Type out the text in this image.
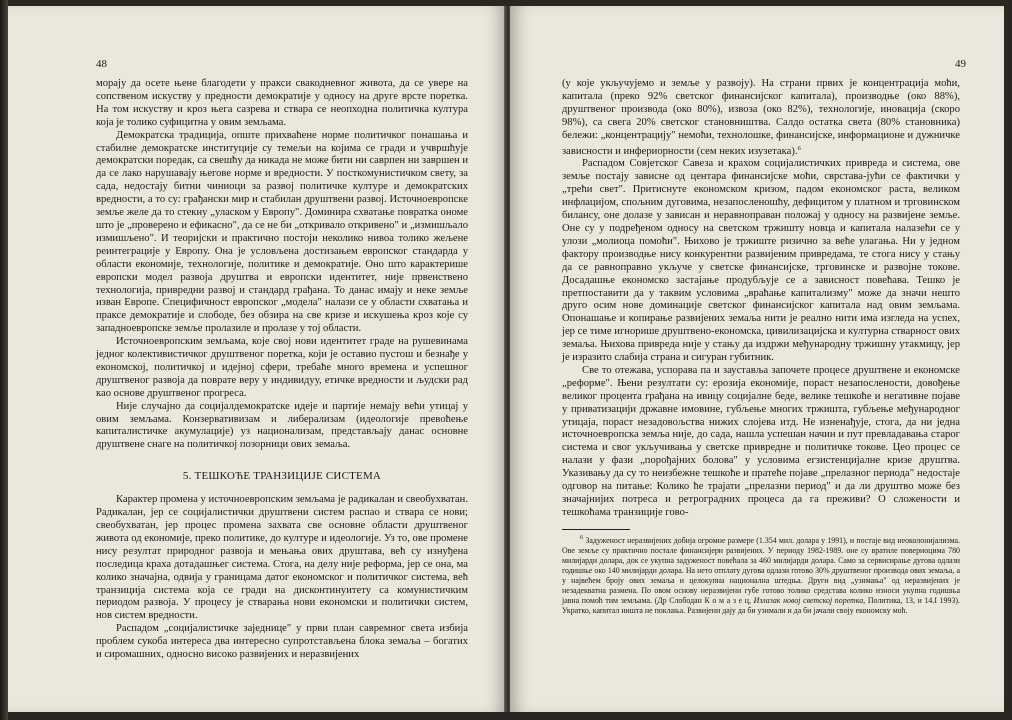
48

морају да осете њене благодети у пракси свакодневног живота, да се увере на сопственом искуству у предности демократије у односу на друге врсте поретка. На том искуству и кроз њега сазрева и ствара се неопходна политичка култура која је толико суфицитна у овим земљама.

Демократска традиција, опште прихваћене норме политичког понашања и стабилне демократске институције су темељи на којима се гради и учвршћује демократски поредак, са свешћу да никада не може бити ни саврпен ни завршен и да се лако нарушавају његове норме и вредности. У посткомунистичком свету, за сада, недостају битни чиниоци за развој политичке културе и демократских вредности, а то су: грађански мир и стабилан друштвени развој. Источноевропске земље желе да то стекну „уласком у Европу". Доминира схватање повратка ономе што је „проверено и ефикасно", да се не би „откривало откривено" и „измишљало измишљено". И теоријски и практично постоји неколико нивоа толико жељене реинтеграције у Европу. Она је условљена достизањем европског стандарда у области економије, технологије, политике и демократије. Оно што карактерише европски модел развоја друштва и европски идентитет, није првенствено технологија, привредни развој и стандард грађана. То данас имају и неке земље изван Европе. Специфичност европског „модела" налази се у области схватања и праксе демократије и слободе, без обзира на све кризе и искушења кроз које су западноевропске земље пролазиле и пролазе у тој области.

Источноевропским земљама, које свој нови идентитет граде на рушевинама једног колективистичког друштвеног поретка, који је оставио пустош и безнађе у економској, политичкој и идејној сфери, требаће много времена и успешног друштвеног развоја да поврате веру у индивидуу, етичке вредности и људски рад као основе друштвеног прогреса.

Није случајно да социјалдемократске идеје и партије немају већи утицај у овим земљама. Конзервативизам и либерализам (идеологије превоћење капиталистичке акумулације) уз национализам, представљају данас основне друштвене снаге на политичкој позорници ових земаља.

5. ТЕШКОЋЕ ТРАНЗИЦИЈЕ СИСТЕМА

Карактер промена у источноевропским земљама је радикалан и свеобухватан. Радикалан, јер се социјалистички друштвени систем распао и ствара се нови; свеобухватан, јер процес промена захвата све основне области друштвеног живота од економије, преко политике, до културе и идеологије. Уз то, ове промене нису резултат природног развоја и мењања ових друштава, већ су изнуђена последица краха дотадашњег система. Стога, на делу није реформа, јер се она, ма колико значајна, одвија у границама датог економског и политичког система, већ транзиција система која се гради на дисконтинуитету са комунистичким периодом развоја. У процесу је стварања нови економски и политички систем, нов систем вредности.

Распадом „социјалистичке заједнице" у први план савремног света избија проблем сукоба интереса два интересно супротстављена блока земаља – богатих и сиромашних, односно високо развијених и неразвијених

49

(у које укључујемо и земље у развоју). На страни првих је концентрација моћи, капитала (преко 92% светског финансијског капитала), производње (око 88%), друштвеног производа (око 80%), извоза (око 82%), технологије, иновација (скоро 98%), са свега 20% светског становништва. Салдо остатка света (80% становника) бележи: „концентрацију" немоћи, технолошке, финансијске, информационе и дужничке зависности и инфериорности (сем неких изузетака).$^6$

Распадом Совјетског Савеза и крахом социјалистичких привреда и система, ове земље постају зависне од центара финансијске моћи, сврстава-јући се фактички у „трећи свет". Притиснуте економском кризом, падом економског раста, великом инфлацијом, спољним дуговима, незапосленошћу, дефицитом у платном и трговинском билансу, оне долазе у зависан и неравноправан положај у односу на развијене земље. Оне су у подређеном односу на светском тржишту новца и капитала налазећи се у улози „молиоца помоћи". Њихово је тржиште ризично за веће улагања. Ни у једном фактору производње нису конкурентни развијеним привредама, те стога нису у стању да се равноправно укључе у светске финансијске, трговинске и развојне токове. Досадашње економско застајање продубљује се а зависност повећава. Тешко је претпоставити да у таквим условима „враћање капитализму" може да значи нешто друго осим нове доминације светског финансијског капитала над овим земљама. Опонашање и копирање развијених земаља нити је реално нити има изгледа на успех, јер се тиме игнорише друштвено-економска, цивилизацијска и културна стварност ових земаља. Њихова привреда није у стању да издржи међународну тржишну утакмицу, јер је изразито слабија страна и сигуран губитник.

Све то отежава, успорава па и зауставља започете процесе друштвене и економске „реформе". Њени резултати су: ерозија економије, пораст незапослености, довођење великог процента грађана на ивицу социјалне беде, велике тешкоће и негативне појаве у приватизацији државне имовине, губљење многих тржишта, губљење међународног утицаја, пораст незадовољства нижих слојева итд. Не изненађује, стога, да ни једна источноевропска земља није, до сада, нашла успешан начин и пут превладавања старог система и свог укључивања у светске привредне и политичке токове. Цео процес се налази у фази „порођајних болова" у условима егзистенцијалне кризе друштва. Указивању да су то неизбежне тешкоће и пратеће појаве „прелазног периода" недостаје одговор на питање: Колико ће трајати „прелазни период" и да ли друштво може без значајнијих потреса и ретроградних процеса да га преживи? О сложености и тешкоћама транзиције гово-

$^6$ Задуженост неразвијених добија огромне размере (1.354 мил. долара у 1991), и постаје вид неоколонијализма. Ове земље су практично постале финансијери развијених. У периоду 1982-1989. оне су вратиле повериоцима 780 милијарди долара, док се укупна задуженост повећала за 460 милијарди долара. Само за сервисирање дугова одлази годишње око 140 милијарди долара. На нето отплату дугова одлази готово 30% друштвеног производа ових земаља, а у највећем броју ових земаља и целокупна национална штедња. Други вид „узимања" од неразвијених је незадекватна размена. По овом основу неразвијени губе готово толико средстава колико износи укупна годишња јавна помоћ тим земљама. (Др Слободан К о м а з е ц, Излазак новој светској поретка, Политика, 13, и 14.I 1993). Укратко, капитал ништа не поклања. Развијени дају да би узимали и да би јачали своју економску моћ.
